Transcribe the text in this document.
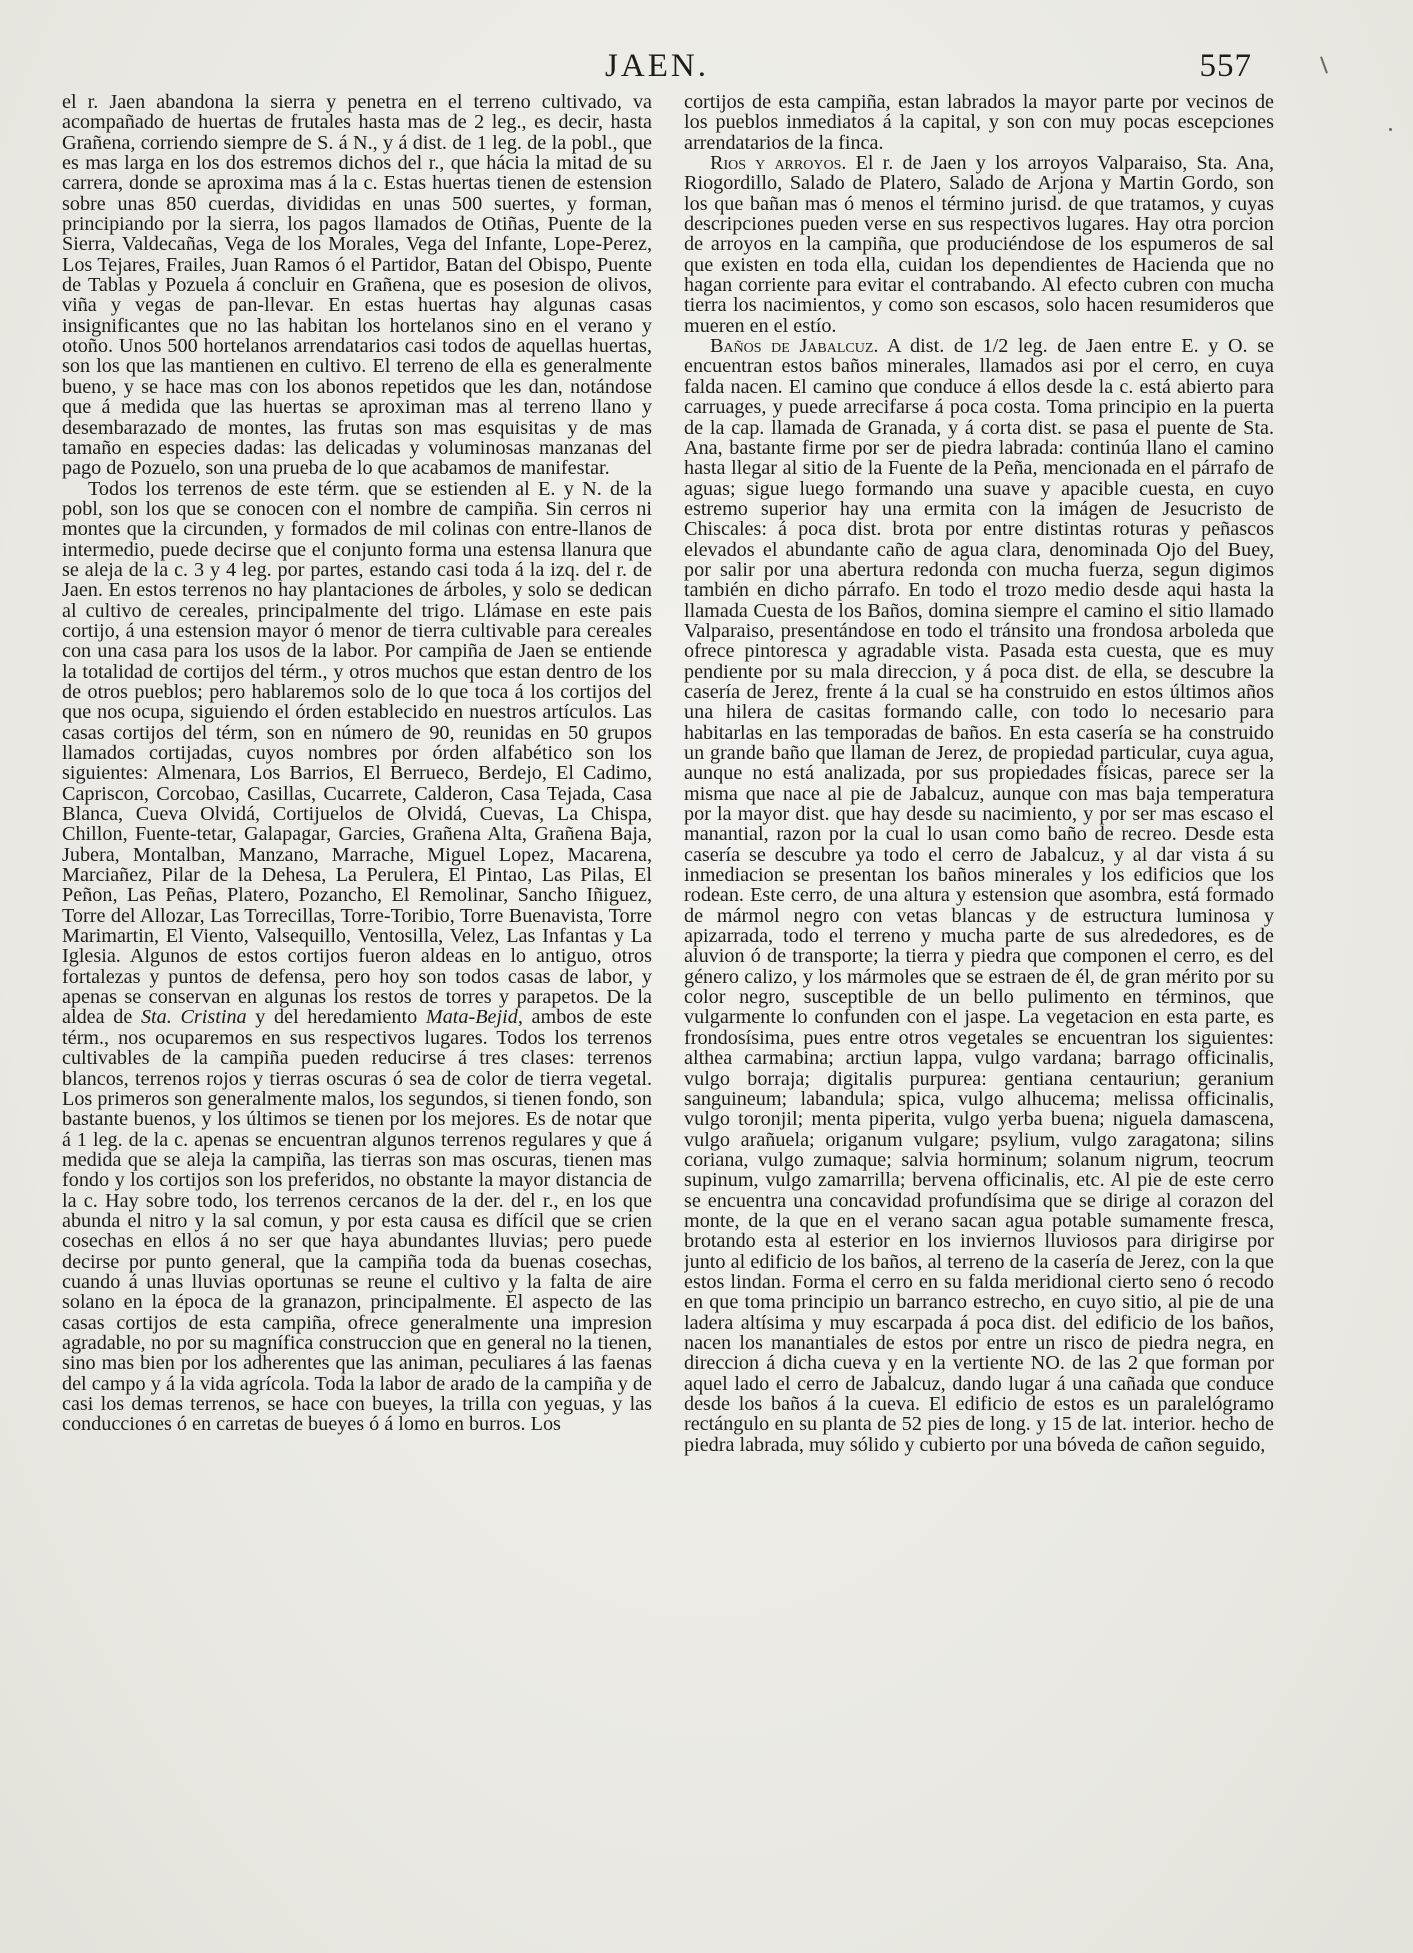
JAEN.	557

el r. Jaen abandona la sierra y penetra en el terreno cultivado, va acompañado de huertas de frutales hasta mas de 2 leg., es decir, hasta Grañena, corriendo siempre de S. á N., y á dist. de 1 leg. de la pobl., que es mas larga en los dos estremos dichos del r., que hácia la mitad de su carrera, donde se aproxima mas á la c. Estas huertas tienen de estension sobre unas 850 cuerdas, divididas en unas 500 suertes, y forman, principiando por la sierra, los pagos llamados de Otiñas, Puente de la Sierra, Valdecañas, Vega de los Morales, Vega del Infante, Lope-Perez, Los Tejares, Frailes, Juan Ramos ó el Partidor, Batan del Obispo, Puente de Tablas y Pozuela á concluir en Grañena, que es posesion de olivos, viña y vegas de pan-llevar. En estas huertas hay algunas casas insignificantes que no las habitan los hortelanos sino en el verano y otoño. Unos 500 hortelanos arrendatarios casi todos de aquellas huertas, son los que las mantienen en cultivo. El terreno de ella es generalmente bueno, y se hace mas con los abonos repetidos que les dan, notándose que á medida que las huertas se aproximan mas al terreno llano y desembarazado de montes, las frutas son mas esquisitas y de mas tamaño en especies dadas: las delicadas y voluminosas manzanas del pago de Pozuelo, son una prueba de lo que acabamos de manifestar.

Todos los terrenos de este térm. que se estienden al E. y N. de la pobl, son los que se conocen con el nombre de campiña. Sin cerros ni montes que la circunden, y formados de mil colinas con entre-llanos de intermedio, puede decirse que el conjunto forma una estensa llanura que se aleja de la c. 3 y 4 leg. por partes, estando casi toda á la izq. del r. de Jaen. En estos terrenos no hay plantaciones de árboles, y solo se dedican al cultivo de cereales, principalmente del trigo. Llámase en este pais cortijo, á una estension mayor ó menor de tierra cultivable para cereales con una casa para los usos de la labor. Por campiña de Jaen se entiende la totalidad de cortijos del térm., y otros muchos que estan dentro de los de otros pueblos; pero hablaremos solo de lo que toca á los cortijos del que nos ocupa, siguiendo el órden establecido en nuestros artículos. Las casas cortijos del térm, son en número de 90, reunidas en 50 grupos llamados cortijadas, cuyos nombres por órden alfabético son los siguientes: Almenara, Los Barrios, El Berrueco, Berdejo, El Cadimo, Capriscon, Corcobao, Casillas, Cucarrete, Calderon, Casa Tejada, Casa Blanca, Cueva Olvidá, Cortijuelos de Olvidá, Cuevas, La Chispa, Chillon, Fuente-tetar, Galapagar, Garcies, Grañena Alta, Grañena Baja, Jubera, Montalban, Manzano, Marrache, Miguel Lopez, Macarena, Marciañez, Pilar de la Dehesa, La Perulera, El Pintao, Las Pilas, El Peñon, Las Peñas, Platero, Pozancho, El Remolinar, Sancho Iñiguez, Torre del Allozar, Las Torrecillas, Torre-Toribio, Torre Buenavista, Torre Marimartin, El Viento, Valsequillo, Ventosilla, Velez, Las Infantas y La Iglesia. Algunos de estos cortijos fueron aldeas en lo antiguo, otros fortalezas y puntos de defensa, pero hoy son todos casas de labor, y apenas se conservan en algunas los restos de torres y parapetos. De la aldea de Sta. Cristina y del heredamiento Mata-Bejid, ambos de este térm., nos ocuparemos en sus respectivos lugares. Todos los terrenos cultivables de la campiña pueden reducirse á tres clases: terrenos blancos, terrenos rojos y tierras oscuras ó sea de color de tierra vegetal. Los primeros son generalmente malos, los segundos, si tienen fondo, son bastante buenos, y los últimos se tienen por los mejores. Es de notar que á 1 leg. de la c. apenas se encuentran algunos terrenos regulares y que á medida que se aleja la campiña, las tierras son mas oscuras, tienen mas fondo y los cortijos son los preferidos, no obstante la mayor distancia de la c. Hay sobre todo, los terrenos cercanos de la der. del r., en los que abunda el nitro y la sal comun, y por esta causa es difícil que se crien cosechas en ellos á no ser que haya abundantes lluvias; pero puede decirse por punto general, que la campiña toda da buenas cosechas, cuando á unas lluvias oportunas se reune el cultivo y la falta de aire solano en la época de la granazon, principalmente. El aspecto de las casas cortijos de esta campiña, ofrece generalmente una impresion agradable, no por su magnífica construccion que en general no la tienen, sino mas bien por los adherentes que las animan, peculiares á las faenas del campo y á la vida agrícola. Toda la labor de arado de la campiña y de casi los demas terrenos, se hace con bueyes, la trilla con yeguas, y las conducciones ó en carretas de bueyes ó á lomo en burros. Los

cortijos de esta campiña, estan labrados la mayor parte por vecinos de los pueblos inmediatos á la capital, y son con muy pocas escepciones arrendatarios de la finca.

Rios y arroyos. El r. de Jaen y los arroyos Valparaiso, Sta. Ana, Riogordillo, Salado de Platero, Salado de Arjona y Martin Gordo, son los que bañan mas ó menos el término jurisd. de que tratamos, y cuyas descripciones pueden verse en sus respectivos lugares. Hay otra porcion de arroyos en la campiña, que produciéndose de los espumeros de sal que existen en toda ella, cuidan los dependientes de Hacienda que no hagan corriente para evitar el contrabando. Al efecto cubren con mucha tierra los nacimientos, y como son escasos, solo hacen resumideros que mueren en el estío.

Baños de Jabalcuz. A dist. de 1/2 leg. de Jaen entre E. y O. se encuentran estos baños minerales, llamados asi por el cerro, en cuya falda nacen. El camino que conduce á ellos desde la c. está abierto para carruages, y puede arrecifarse á poca costa. Toma principio en la puerta de la cap. llamada de Granada, y á corta dist. se pasa el puente de Sta. Ana, bastante firme por ser de piedra labrada: continúa llano el camino hasta llegar al sitio de la Fuente de la Peña, mencionada en el párrafo de aguas; sigue luego formando una suave y apacible cuesta, en cuyo estremo superior hay una ermita con la imágen de Jesucristo de Chiscales: á poca dist. brota por entre distintas roturas y peñascos elevados el abundante caño de agua clara, denominada Ojo del Buey, por salir por una abertura redonda con mucha fuerza, segun digimos también en dicho párrafo. En todo el trozo medio desde aqui hasta la llamada Cuesta de los Baños, domina siempre el camino el sitio llamado Valparaiso, presentándose en todo el tránsito una frondosa arboleda que ofrece pintoresca y agradable vista. Pasada esta cuesta, que es muy pendiente por su mala direccion, y á poca dist. de ella, se descubre la casería de Jerez, frente á la cual se ha construido en estos últimos años una hilera de casitas formando calle, con todo lo necesario para habitarlas en las temporadas de baños. En esta casería se ha construido un grande baño que llaman de Jerez, de propiedad particular, cuya agua, aunque no está analizada, por sus propiedades físicas, parece ser la misma que nace al pie de Jabalcuz, aunque con mas baja temperatura por la mayor dist. que hay desde su nacimiento, y por ser mas escaso el manantial, razon por la cual lo usan como baño de recreo. Desde esta casería se descubre ya todo el cerro de Jabalcuz, y al dar vista á su inmediacion se presentan los baños minerales y los edificios que los rodean. Este cerro, de una altura y estension que asombra, está formado de mármol negro con vetas blancas y de estructura luminosa y apizarrada, todo el terreno y mucha parte de sus alrededores, es de aluvion ó de transporte; la tierra y piedra que componen el cerro, es del género calizo, y los mármoles que se estraen de él, de gran mérito por su color negro, susceptible de un bello pulimento en términos, que vulgarmente lo confunden con el jaspe. La vegetacion en esta parte, es frondosísima, pues entre otros vegetales se encuentran los siguientes: althea carmabina; arctiun lappa, vulgo vardana; barrago officinalis, vulgo borraja; digitalis purpurea: gentiana centauriun; geranium sanguineum; labandula; spica, vulgo alhucema; melissa officinalis, vulgo toronjil; menta piperita, vulgo yerba buena; niguela damascena, vulgo arañuela; origanum vulgare; psylium, vulgo zaragatona; silins coriana, vulgo zumaque; salvia horminum; solanum nigrum, teocrum supinum, vulgo zamarrilla; bervena officinalis, etc. Al pie de este cerro se encuentra una concavidad profundísima que se dirige al corazon del monte, de la que en el verano sacan agua potable sumamente fresca, brotando esta al esterior en los inviernos lluviosos para dirigirse por junto al edificio de los baños, al terreno de la casería de Jerez, con la que estos lindan. Forma el cerro en su falda meridional cierto seno ó recodo en que toma principio un barranco estrecho, en cuyo sitio, al pie de una ladera altísima y muy escarpada á poca dist. del edificio de los baños, nacen los manantiales de estos por entre un risco de piedra negra, en direccion á dicha cueva y en la vertiente NO. de las 2 que forman por aquel lado el cerro de Jabalcuz, dando lugar á una cañada que conduce desde los baños á la cueva. El edificio de estos es un paralelógramo rectángulo en su planta de 52 pies de long. y 15 de lat. interior. hecho de piedra labrada, muy sólido y cubierto por una bóveda de cañon seguido,
